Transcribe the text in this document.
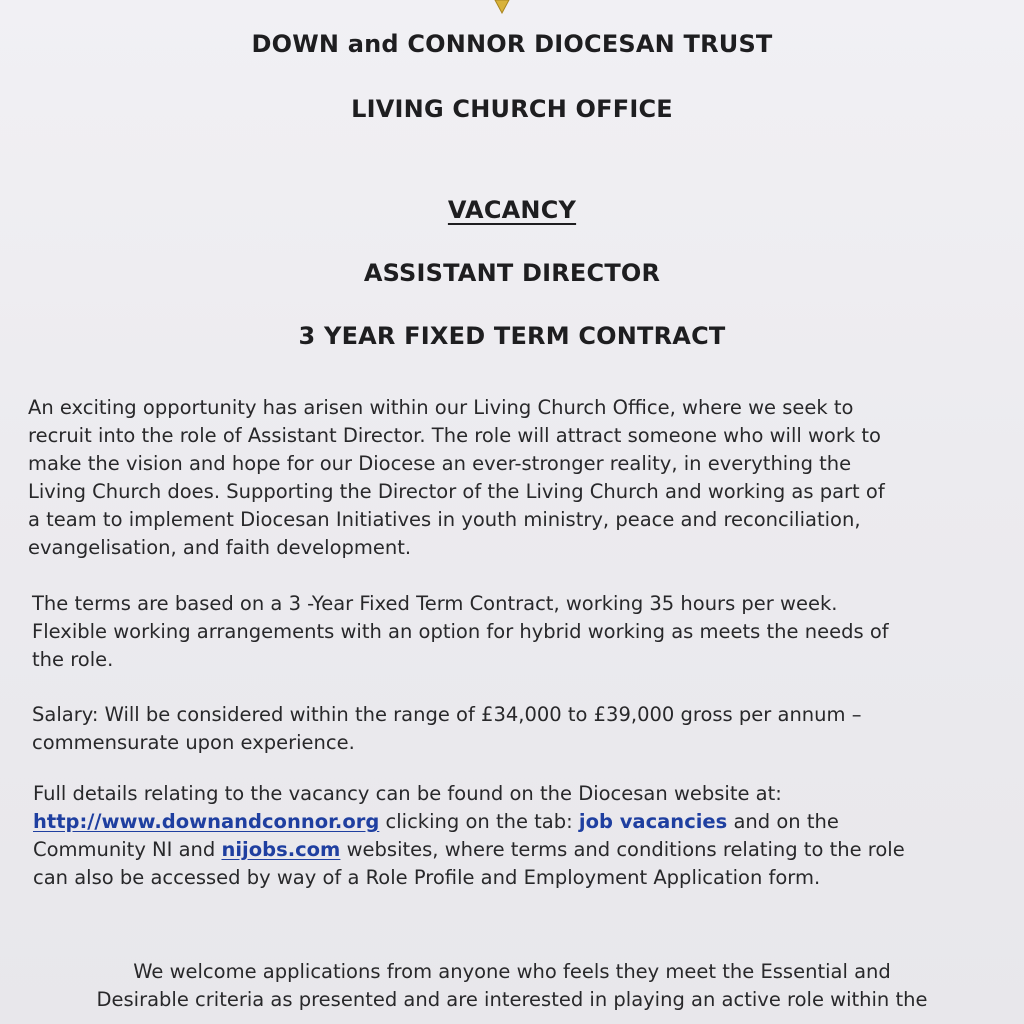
DOWN and CONNOR DIOCESAN TRUST
LIVING CHURCH OFFICE
VACANCY
ASSISTANT DIRECTOR
3 YEAR FIXED TERM CONTRACT
An exciting opportunity has arisen within our Living Church Office, where we seek to
recruit into the role of Assistant Director. The role will attract someone who will work to
make the vision and hope for our Diocese an ever-stronger reality, in everything the
Living Church does. Supporting the Director of the Living Church and working as part of
a team to implement Diocesan Initiatives in youth ministry, peace and reconciliation,
evangelisation, and faith development.
The terms are based on a 3 -Year Fixed Term Contract, working 35 hours per week.
Flexible working arrangements with an option for hybrid working as meets the needs of
the role.
Salary: Will be considered within the range of £34,000 to £39,000 gross per annum –
commensurate upon experience.
Full details relating to the vacancy can be found on the Diocesan website at:
http://www.downandconnor.org clicking on the tab: job vacancies and on the
Community NI and nijobs.com websites, where terms and conditions relating to the role
can also be accessed by way of a Role Profile and Employment Application form.
We welcome applications from anyone who feels they meet the Essential and
Desirable criteria as presented and are interested in playing an active role within the
